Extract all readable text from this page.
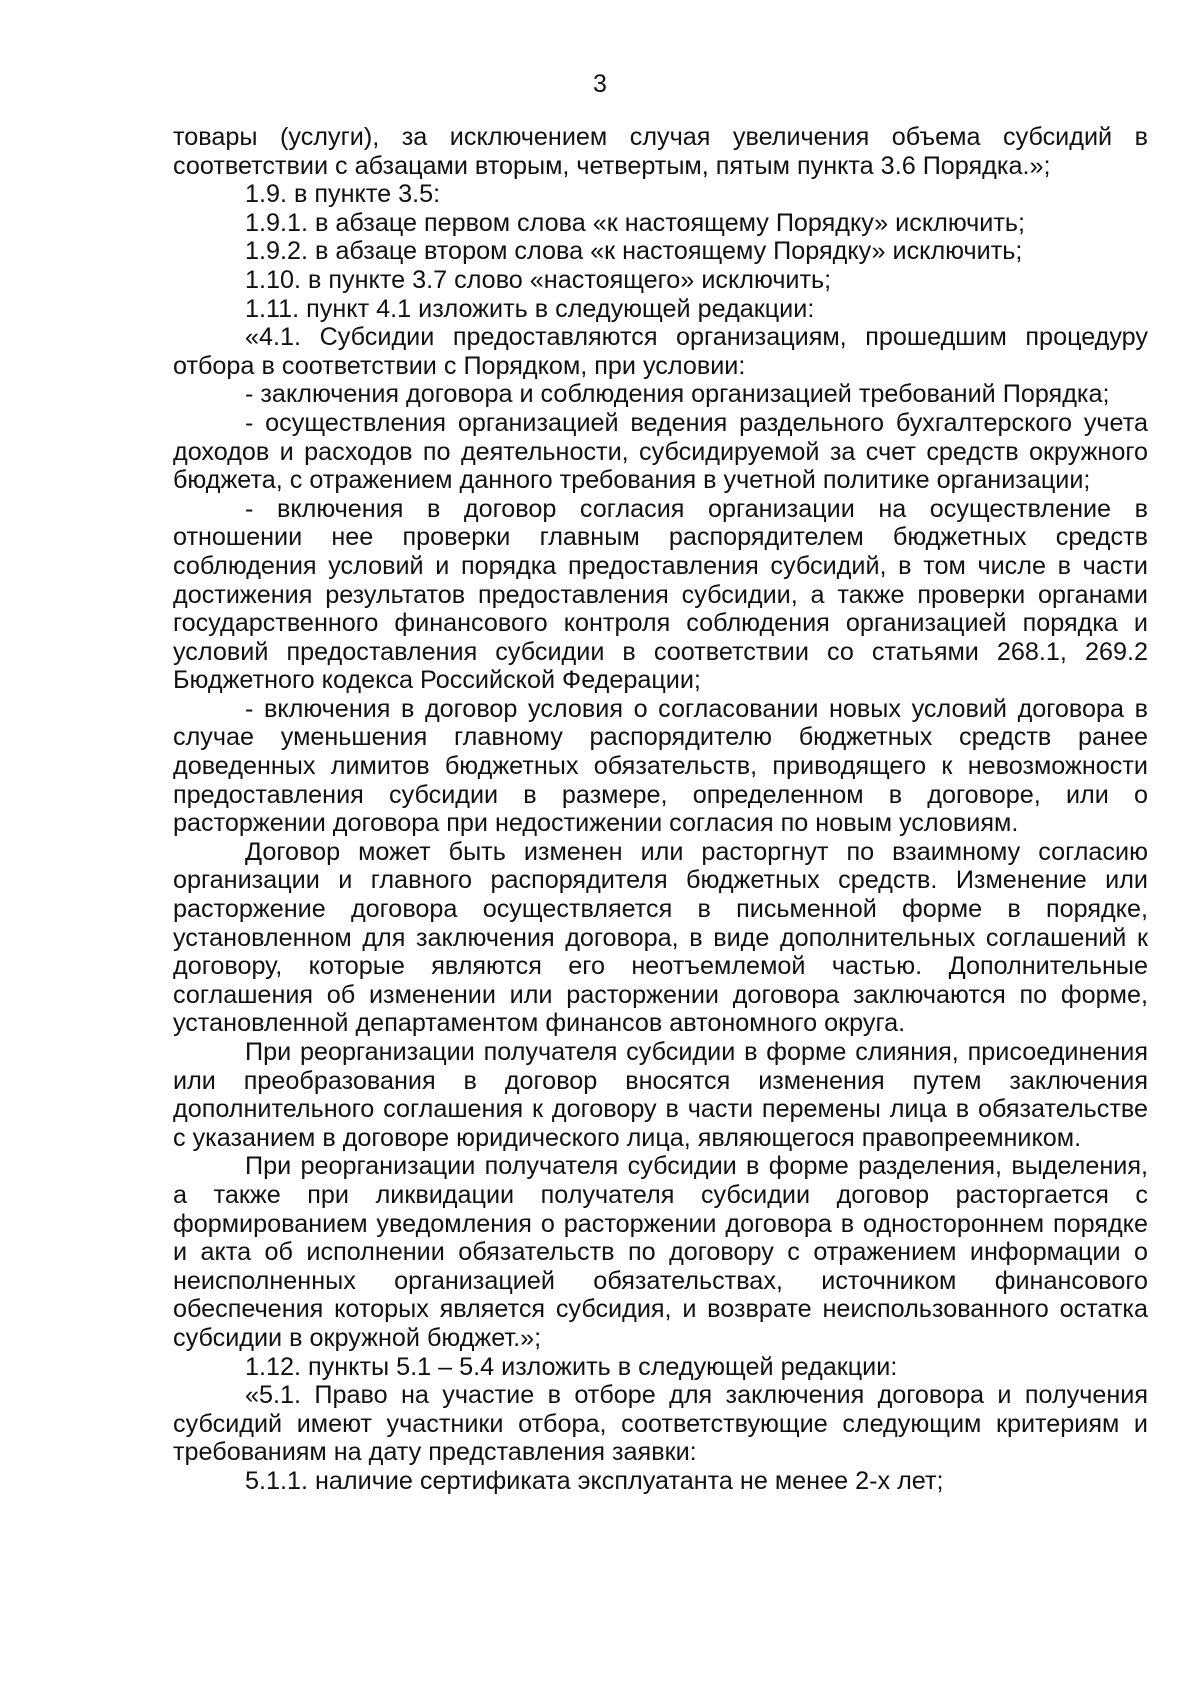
3

товары (услуги), за исключением случая увеличения объема субсидий в соответствии с абзацами вторым, четвертым, пятым пункта 3.6 Порядка.»;

1.9. в пункте 3.5:

1.9.1. в абзаце первом слова «к настоящему Порядку» исключить;

1.9.2. в абзаце втором слова «к настоящему Порядку» исключить;

1.10. в пункте 3.7 слово «настоящего» исключить;

1.11. пункт 4.1 изложить в следующей редакции:

«4.1. Субсидии предоставляются организациям, прошедшим процедуру отбора в соответствии с Порядком, при условии:

- заключения договора и соблюдения организацией требований Порядка;

- осуществления организацией ведения раздельного бухгалтерского учета доходов и расходов по деятельности, субсидируемой за счет средств окружного бюджета, с отражением данного требования в учетной политике организации;

- включения в договор согласия организации на осуществление в отношении нее проверки главным распорядителем бюджетных средств соблюдения условий и порядка предоставления субсидий, в том числе в части достижения результатов предоставления субсидии, а также проверки органами государственного финансового контроля соблюдения организацией порядка и условий предоставления субсидии в соответствии со статьями 268.1, 269.2 Бюджетного кодекса Российской Федерации;

- включения в договор условия о согласовании новых условий договора в случае уменьшения главному распорядителю бюджетных средств ранее доведенных лимитов бюджетных обязательств, приводящего к невозможности предоставления субсидии в размере, определенном в договоре, или о расторжении договора при недостижении согласия по новым условиям.

Договор может быть изменен или расторгнут по взаимному согласию организации и главного распорядителя бюджетных средств. Изменение или расторжение договора осуществляется в письменной форме в порядке, установленном для заключения договора, в виде дополнительных соглашений к договору, которые являются его неотъемлемой частью. Дополнительные соглашения об изменении или расторжении договора заключаются по форме, установленной департаментом финансов автономного округа.

При реорганизации получателя субсидии в форме слияния, присоединения или преобразования в договор вносятся изменения путем заключения дополнительного соглашения к договору в части перемены лица в обязательстве с указанием в договоре юридического лица, являющегося правопреемником.

При реорганизации получателя субсидии в форме разделения, выделения, а также при ликвидации получателя субсидии договор расторгается с формированием уведомления о расторжении договора в одностороннем порядке и акта об исполнении обязательств по договору с отражением информации о неисполненных организацией обязательствах, источником финансового обеспечения которых является субсидия, и возврате неиспользованного остатка субсидии в окружной бюджет.»;

1.12. пункты 5.1 – 5.4 изложить в следующей редакции:

«5.1. Право на участие в отборе для заключения договора и получения субсидий имеют участники отбора, соответствующие следующим критериям и требованиям на дату представления заявки:

5.1.1. наличие сертификата эксплуатанта не менее 2-х лет;
